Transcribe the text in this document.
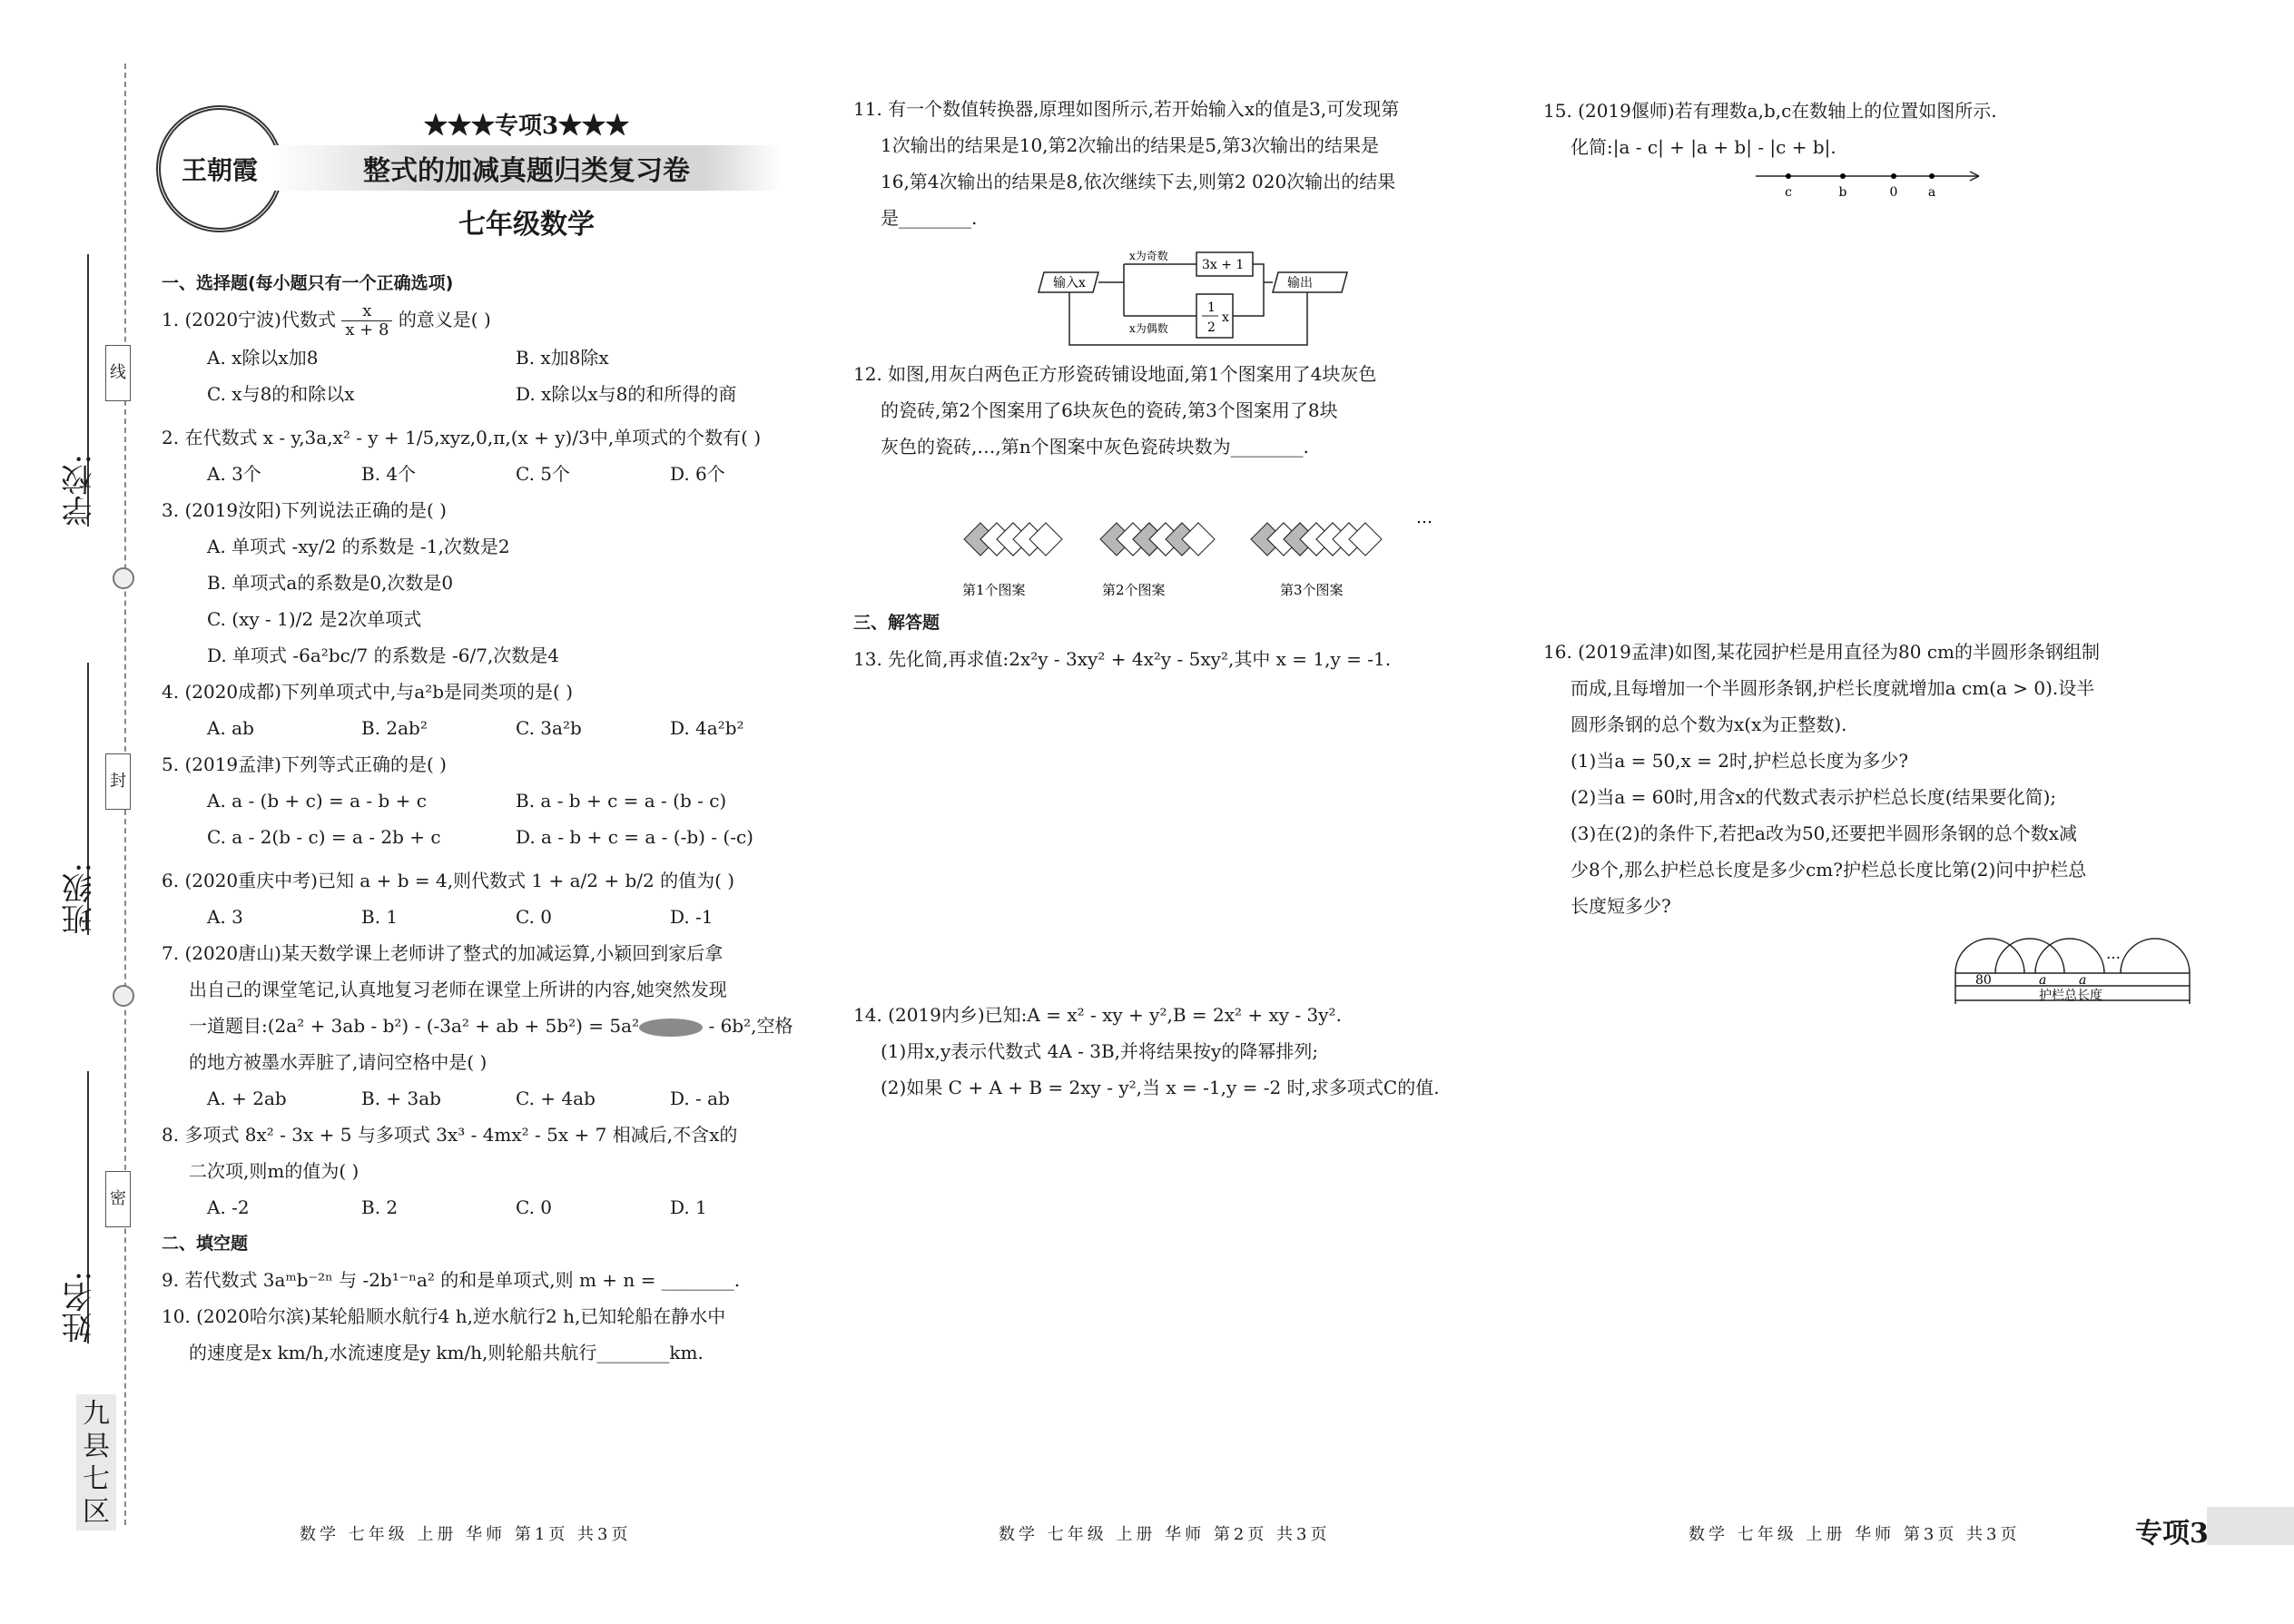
学校:
班级:
姓名:
线
封
密
九县七区
王朝霞
★★★专项3★★★
整式的加减真题归类复习卷
七年级数学
一、选择题(每小题只有一个正确选项)
1. (2020宁波)代数式 $\frac{x}{x + 8}$ 的意义是( )
A. x除以x加8	B. x加8除x
C. x与8的和除以x	D. x除以x与8的和所得的商
2. 在代数式 x - y,3a,x² - y + 1/5,xyz,0,π,(x + y)/3中,单项式的个数有( )
A. 3个	B. 4个	C. 5个	D. 6个
3. (2019汝阳)下列说法正确的是( )
A. 单项式 -xy/2 的系数是 -1,次数是2
B. 单项式a的系数是0,次数是0
C. (xy - 1)/2 是2次单项式
D. 单项式 -6a²bc/7 的系数是 -6/7,次数是4
4. (2020成都)下列单项式中,与a²b是同类项的是( )
A. ab	B. 2ab²	C. 3a²b	D. 4a²b²
5. (2019孟津)下列等式正确的是( )
A. a - (b + c) = a - b + c	B. a - b + c = a - (b - c)
C. a - 2(b - c) = a - 2b + c	D. a - b + c = a - (-b) - (-c)
6. (2020重庆中考)已知 a + b = 4,则代数式 1 + a/2 + b/2 的值为( )
A. 3	B. 1	C. 0	D. -1
7. (2020唐山)某天数学课上老师讲了整式的加减运算,小颖回到家后拿
出自己的课堂笔记,认真地复习老师在课堂上所讲的内容,她突然发现
一道题目:(2a² + 3ab - b²) - (-3a² + ab + 5b²) = 5a²	- 6b²,空格
的地方被墨水弄脏了,请问空格中是( )
A. + 2ab	B. + 3ab	C. + 4ab	D. - ab
8. 多项式 8x² - 3x + 5 与多项式 3x³ - 4mx² - 5x + 7 相减后,不含x的
二次项,则m的值为( )
A. -2	B. 2	C. 0	D. 1
二、填空题
9. 若代数式 3aᵐb⁻²ⁿ 与 -2b¹⁻ⁿa² 的和是单项式,则 m + n = ________.
10. (2020哈尔滨)某轮船顺水航行4 h,逆水航行2 h,已知轮船在静水中
的速度是x km/h,水流速度是y km/h,则轮船共航行________km.
11. 有一个数值转换器,原理如图所示,若开始输入x的值是3,可发现第
1次输出的结果是10,第2次输出的结果是5,第3次输出的结果是
16,第4次输出的结果是8,依次继续下去,则第2 020次输出的结果
是________.
输入x	输出
x为奇数
x为偶数
3x + 1
1
2
x
12. 如图,用灰白两色正方形瓷砖铺设地面,第1个图案用了4块灰色
的瓷砖,第2个图案用了6块灰色的瓷砖,第3个图案用了8块
灰色的瓷砖,…,第n个图案中灰色瓷砖块数为________.
…
第1个图案	第2个图案	第3个图案
三、解答题
13. 先化简,再求值:2x²y - 3xy² + 4x²y - 5xy²,其中 x = 1,y = -1.
14. (2019内乡)已知:A = x² - xy + y²,B = 2x² + xy - 3y².
(1)用x,y表示代数式 4A - 3B,并将结果按y的降幂排列;
(2)如果 C + A + B = 2xy - y²,当 x = -1,y = -2 时,求多项式C的值.
15. (2019偃师)若有理数a,b,c在数轴上的位置如图所示.
化简:|a - c| + |a + b| - |c + b|.
c	b	0 a
16. (2019孟津)如图,某花园护栏是用直径为80 cm的半圆形条钢组制
而成,且每增加一个半圆形条钢,护栏长度就增加a cm(a > 0).设半
圆形条钢的总个数为x(x为正整数).
(1)当a = 50,x = 2时,护栏总长度为多少?
(2)当a = 60时,用含x的代数式表示护栏总长度(结果要化简);
(3)在(2)的条件下,若把a改为50,还要把半圆形条钢的总个数x减
少8个,那么护栏总长度是多少cm?护栏总长度比第(2)问中护栏总
长度短多少?
80	a	a
…
护栏总长度
数学 七年级 上册 华师 第1页 共3页	数学 七年级 上册 华师 第2页 共3页	数学 七年级 上册 华师 第3页 共3页	专项3
